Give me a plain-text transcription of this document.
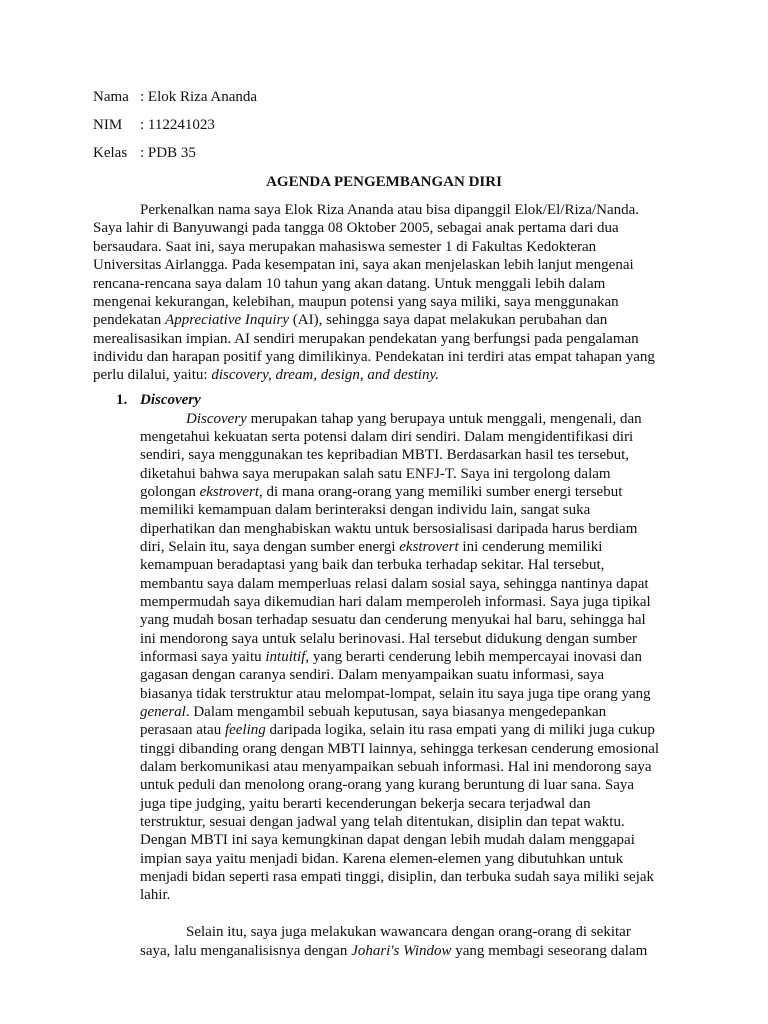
Nama : Elok Riza Ananda
NIM : 112241023
Kelas : PDB 35
AGENDA PENGEMBANGAN DIRI
Perkenalkan nama saya Elok Riza Ananda atau bisa dipanggil Elok/El/Riza/Nanda.
Saya lahir di Banyuwangi pada tangga 08 Oktober 2005, sebagai anak pertama dari dua
bersaudara. Saat ini, saya merupakan mahasiswa semester 1 di Fakultas Kedokteran
Universitas Airlangga. Pada kesempatan ini, saya akan menjelaskan lebih lanjut mengenai
rencana-rencana saya dalam 10 tahun yang akan datang. Untuk menggali lebih dalam
mengenai kekurangan, kelebihan, maupun potensi yang saya miliki, saya menggunakan
pendekatan Appreciative Inquiry (AI), sehingga saya dapat melakukan perubahan dan
merealisasikan impian. AI sendiri merupakan pendekatan yang berfungsi pada pengalaman
individu dan harapan positif yang dimilikinya. Pendekatan ini terdiri atas empat tahapan yang
perlu dilalui, yaitu: discovery, dream, design, and destiny.
1. Discovery
Discovery merupakan tahap yang berupaya untuk menggali, mengenali, dan
mengetahui kekuatan serta potensi dalam diri sendiri. Dalam mengidentifikasi diri
sendiri, saya menggunakan tes kepribadian MBTI. Berdasarkan hasil tes tersebut,
diketahui bahwa saya merupakan salah satu ENFJ-T. Saya ini tergolong dalam
golongan ekstrovert, di mana orang-orang yang memiliki sumber energi tersebut
memiliki kemampuan dalam berinteraksi dengan individu lain, sangat suka
diperhatikan dan menghabiskan waktu untuk bersosialisasi daripada harus berdiam
diri, Selain itu, saya dengan sumber energi ekstrovert ini cenderung memiliki
kemampuan beradaptasi yang baik dan terbuka terhadap sekitar. Hal tersebut,
membantu saya dalam memperluas relasi dalam sosial saya, sehingga nantinya dapat
mempermudah saya dikemudian hari dalam memperoleh informasi. Saya juga tipikal
yang mudah bosan terhadap sesuatu dan cenderung menyukai hal baru, sehingga hal
ini mendorong saya untuk selalu berinovasi. Hal tersebut didukung dengan sumber
informasi saya yaitu intuitif, yang berarti cenderung lebih mempercayai inovasi dan
gagasan dengan caranya sendiri. Dalam menyampaikan suatu informasi, saya
biasanya tidak terstruktur atau melompat-lompat, selain itu saya juga tipe orang yang
general. Dalam mengambil sebuah keputusan, saya biasanya mengedepankan
perasaan atau feeling daripada logika, selain itu rasa empati yang di miliki juga cukup
tinggi dibanding orang dengan MBTI lainnya, sehingga terkesan cenderung emosional
dalam berkomunikasi atau menyampaikan sebuah informasi. Hal ini mendorong saya
untuk peduli dan menolong orang-orang yang kurang beruntung di luar sana. Saya
juga tipe judging, yaitu berarti kecenderungan bekerja secara terjadwal dan
terstruktur, sesuai dengan jadwal yang telah ditentukan, disiplin dan tepat waktu.
Dengan MBTI ini saya kemungkinan dapat dengan lebih mudah dalam menggapai
impian saya yaitu menjadi bidan. Karena elemen-elemen yang dibutuhkan untuk
menjadi bidan seperti rasa empati tinggi, disiplin, dan terbuka sudah saya miliki sejak
lahir.
Selain itu, saya juga melakukan wawancara dengan orang-orang di sekitar
saya, lalu menganalisisnya dengan Johari's Window yang membagi seseorang dalam
